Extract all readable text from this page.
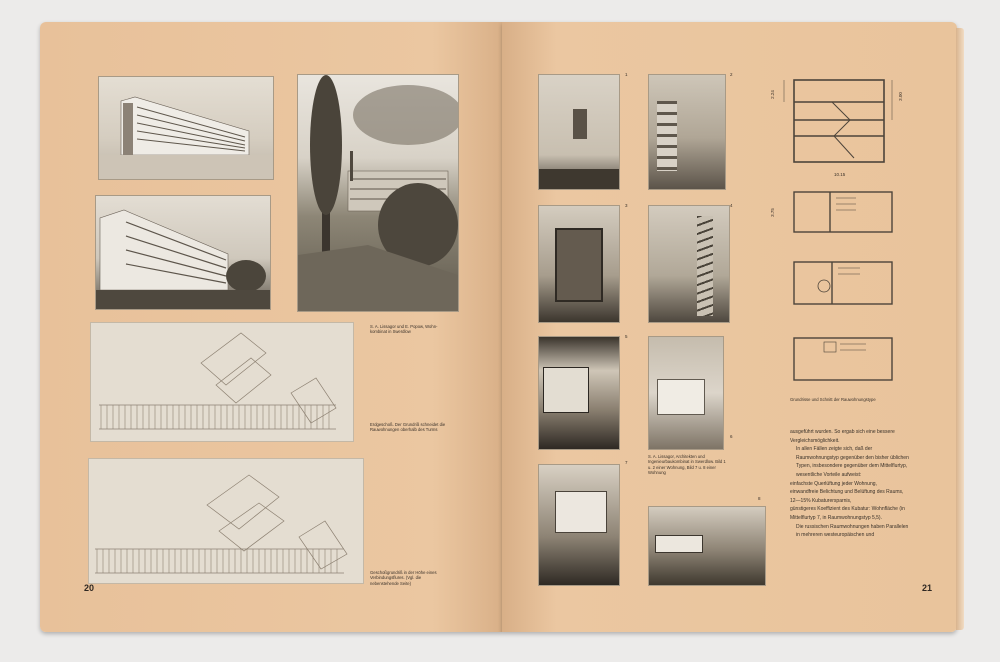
Erdgeschoß. Der Grundriß schneidet die Rauwohnungen oberhalb des Turms
Geschoßgrundriß in der Höhe eines Verbindungsflures. (Vgl. die nebenstehende Seite)
S. A. Lissagor und E. Popow, Wohn-kombinat in Swerdlow
20
1	2
3	4
5
6
7
8
S. A. Lissagor, Architekten und Ingenieurbaukombinat in Swerdlow. Bild 1 u. 2 einer Wohnung, Bild 7 u. 8 einer Wohnung
2.24	3.00
10.15
3.75
Grundrisse und Schnitt der Rauwohnungstype

ausgeführt wurden. So ergab sich eine bessere Vergleichsmöglichkeit.

In allen Fällen zeigte sich, daß der Raumwohnungstyp gegenüber den bisher üblichen Typen, insbesondere gegenüber dem Mittelflurtyp, wesentliche Vorteile aufweist:

einfachste Querlüftung jeder Wohnung,

einwandfreie Belichtung und Belüftung des Raums,

12—15% Kubaturersparnis,

günstigeres Koeffizient des Kubatur: Wohnfläche (in Mittelflurtyp 7, in Raumwohnungstyp 5,5).

Die russischen Raumwohnungen haben Parallelen in mehreren westeuropäischen und

21
